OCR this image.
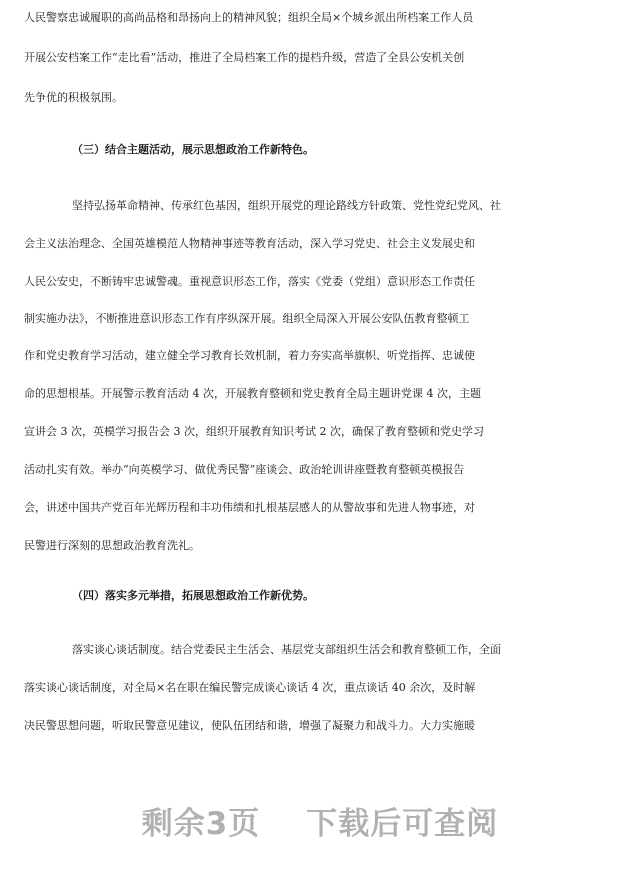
人民警察忠诚履职的高尚品格和昂扬向上的精神风貌；组织全局×个城乡派出所档案工作人员
开展公安档案工作“走比看”活动，推进了全局档案工作的提档升级，营造了全县公安机关创
先争优的积极氛围。
（三）结合主题活动，展示思想政治工作新特色。
坚持弘扬革命精神、传承红色基因，组织开展党的理论路线方针政策、党性党纪党风、社
会主义法治理念、全国英雄模范人物精神事迹等教育活动，深入学习党史、社会主义发展史和
人民公安史，不断铸牢忠诚警魂。重视意识形态工作，落实《党委（党组）意识形态工作责任
制实施办法》，不断推进意识形态工作有序纵深开展。组织全局深入开展公安队伍教育整顿工
作和党史教育学习活动，建立健全学习教育长效机制，着力夯实高举旗帜、听党指挥、忠诚使
命的思想根基。开展警示教育活动 4 次，开展教育整顿和党史教育全局主题讲党课 4 次，主题
宣讲会 3 次，英模学习报告会 3 次，组织开展教育知识考试 2 次，确保了教育整顿和党史学习
活动扎实有效。举办“向英模学习、做优秀民警”座谈会、政治轮训讲座暨教育整顿英模报告
会，讲述中国共产党百年光辉历程和丰功伟绩和扎根基层感人的从警故事和先进人物事迹，对
民警进行深刻的思想政治教育洗礼。
（四）落实多元举措，拓展思想政治工作新优势。
落实谈心谈话制度。结合党委民主生活会、基层党支部组织生活会和教育整顿工作，全面
落实谈心谈话制度，对全局×名在职在编民警完成谈心谈话 4 次，重点谈话 40 余次，及时解
决民警思想问题，听取民警意见建议，使队伍团结和谐，增强了凝聚力和战斗力。大力实施暖
剩余3页 下载后可查阅
